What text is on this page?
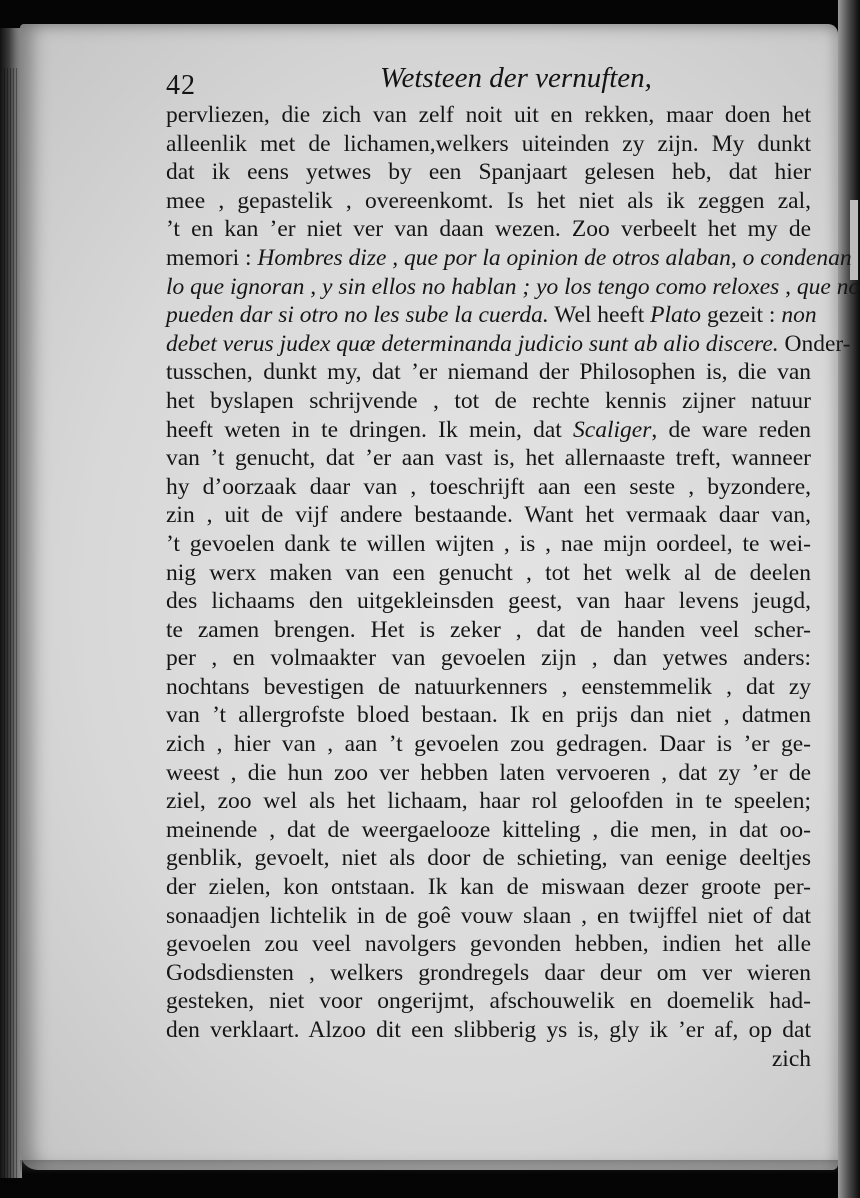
42	Wetsteen der vernuften,
pervliezen, die zich van zelf noit uit en rekken, maar doen het
alleenlik met de lichamen,welkers uiteinden zy zijn. My dunkt
dat ik eens yetwes by een Spanjaart gelesen heb, dat hier
mee , gepastelik , overeenkomt. Is het niet als ik zeggen zal,
’t en kan ’er niet ver van daan wezen. Zoo verbeelt het my de
memori : Hombres dize , que por la opinion de otros alaban, o condenan
lo que ignoran , y sin ellos no hablan ; yo los tengo como reloxes , que no
pueden dar si otro no les sube la cuerda. Wel heeft Plato gezeit : non
debet verus judex quæ determinanda judicio sunt ab alio discere. Onder-
tusschen, dunkt my, dat ’er niemand der Philosophen is, die van
het byslapen schrijvende , tot de rechte kennis zijner natuur
heeft weten in te dringen. Ik mein, dat Scaliger, de ware reden
van ’t genucht, dat ’er aan vast is, het allernaaste treft, wanneer
hy d’oorzaak daar van , toeschrijft aan een seste , byzondere,
zin , uit de vijf andere bestaande. Want het vermaak daar van,
’t gevoelen dank te willen wijten , is , nae mijn oordeel, te wei-
nig werx maken van een genucht , tot het welk al de deelen
des lichaams den uitgekleinsden geest, van haar levens jeugd,
te zamen brengen. Het is zeker , dat de handen veel scher-
per , en volmaakter van gevoelen zijn , dan yetwes anders:
nochtans bevestigen de natuurkenners , eenstemmelik , dat zy
van ’t allergrofste bloed bestaan. Ik en prijs dan niet , datmen
zich , hier van , aan ’t gevoelen zou gedragen. Daar is ’er ge-
weest , die hun zoo ver hebben laten vervoeren , dat zy ’er de
ziel, zoo wel als het lichaam, haar rol geloofden in te speelen;
meinende , dat de weergaelooze kitteling , die men, in dat oo-
genblik, gevoelt, niet als door de schieting, van eenige deeltjes
der zielen, kon ontstaan. Ik kan de miswaan dezer groote per-
sonaadjen lichtelik in de goê vouw slaan , en twijffel niet of dat
gevoelen zou veel navolgers gevonden hebben, indien het alle
Godsdiensten , welkers grondregels daar deur om ver wieren
gesteken, niet voor ongerijmt, afschouwelik en doemelik had-
den verklaart. Alzoo dit een slibberig ys is, gly ik ’er af, op dat
zich
